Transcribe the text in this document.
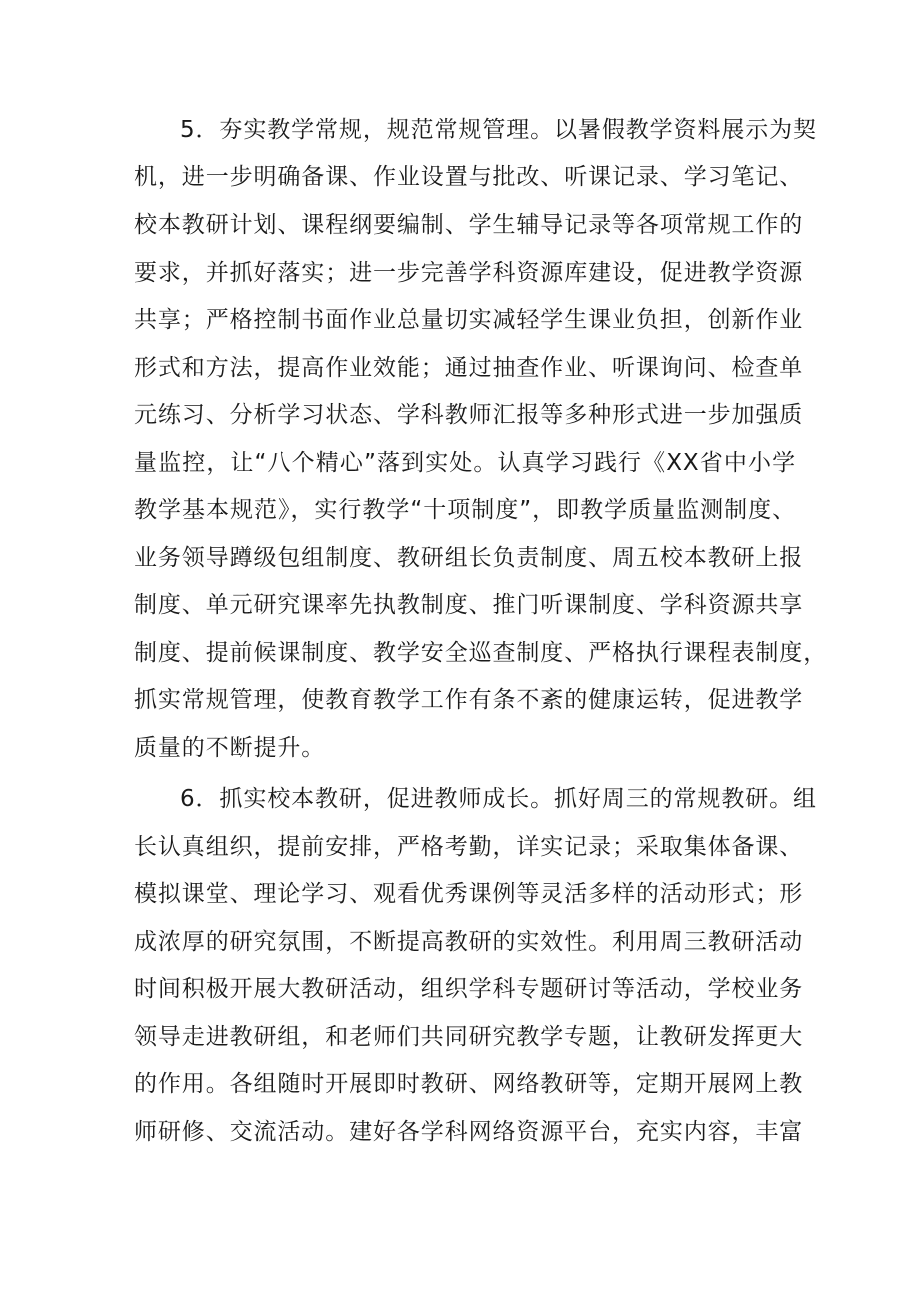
5．夯实教学常规，规范常规管理。以暑假教学资料展示为契
机，进一步明确备课、作业设置与批改、听课记录、学习笔记、
校本教研计划、课程纲要编制、学生辅导记录等各项常规工作的
要求，并抓好落实；进一步完善学科资源库建设，促进教学资源
共享；严格控制书面作业总量切实减轻学生课业负担，创新作业
形式和方法，提高作业效能；通过抽查作业、听课询问、检查单
元练习、分析学习状态、学科教师汇报等多种形式进一步加强质
量监控，让“八个精心”落到实处。认真学习践行《XX省中小学
教学基本规范》，实行教学“十项制度”，即教学质量监测制度、
业务领导蹲级包组制度、教研组长负责制度、周五校本教研上报
制度、单元研究课率先执教制度、推门听课制度、学科资源共享
制度、提前候课制度、教学安全巡查制度、严格执行课程表制度，
抓实常规管理，使教育教学工作有条不紊的健康运转，促进教学
质量的不断提升。
6．抓实校本教研，促进教师成长。抓好周三的常规教研。组
长认真组织，提前安排，严格考勤，详实记录；采取集体备课、
模拟课堂、理论学习、观看优秀课例等灵活多样的活动形式；形
成浓厚的研究氛围，不断提高教研的实效性。利用周三教研活动
时间积极开展大教研活动，组织学科专题研讨等活动，学校业务
领导走进教研组，和老师们共同研究教学专题，让教研发挥更大
的作用。各组随时开展即时教研、网络教研等，定期开展网上教
师研修、交流活动。建好各学科网络资源平台，充实内容，丰富
